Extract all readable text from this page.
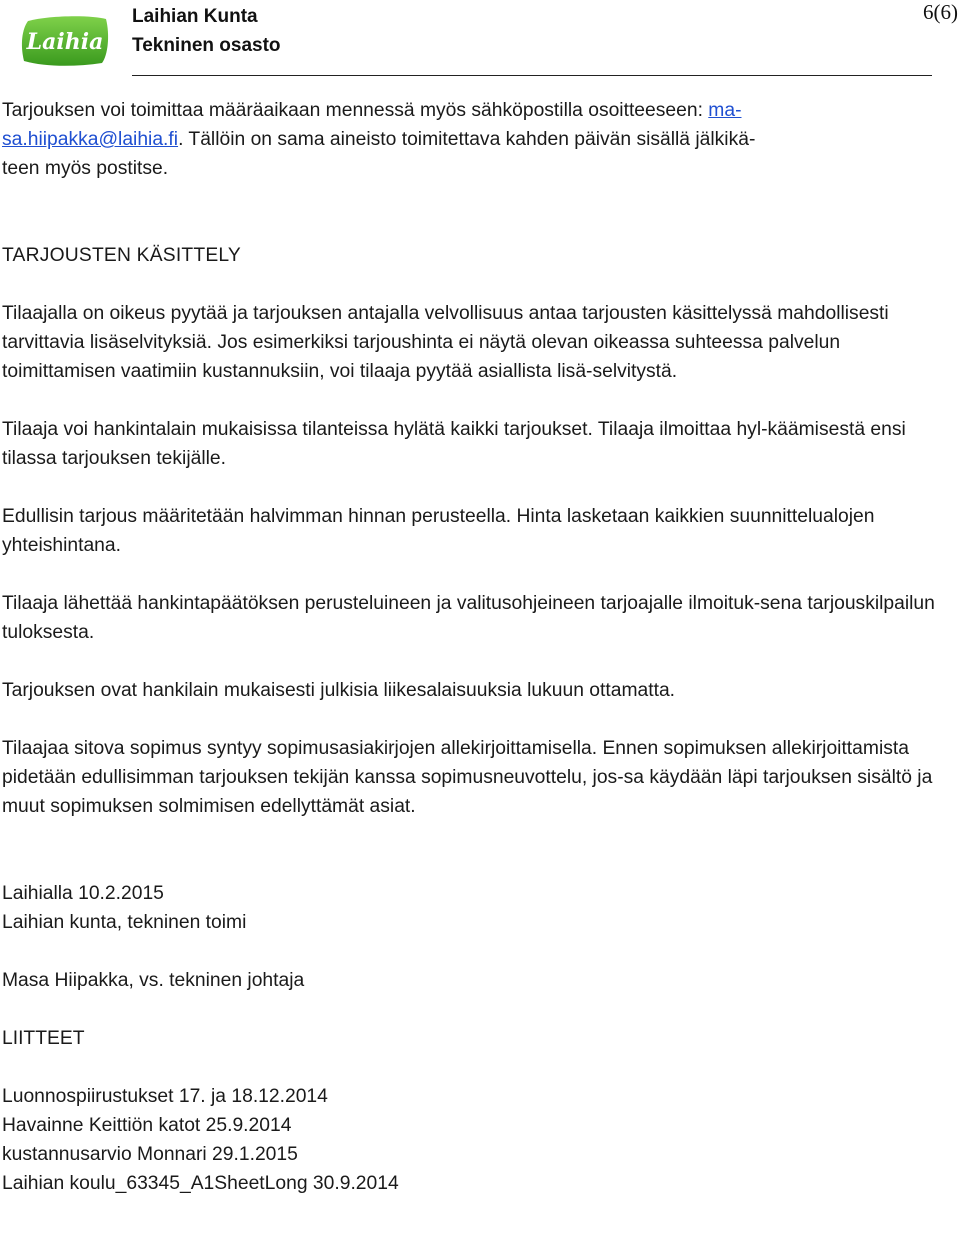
Laihia
Laihian Kunta
Tekninen osasto
6(6)

Tarjouksen voi toimittaa määräaikaan mennessä myös sähköpostilla osoitteeseen: ma-
sa.hiipakka@laihia.fi. Tällöin on sama aineisto toimitettava kahden päivän sisällä jälkikä-
teen myös postitse.

TARJOUSTEN KÄSITTELY

Tilaajalla on oikeus pyytää ja tarjouksen antajalla velvollisuus antaa tarjousten käsittelyssä mahdollisesti tarvittavia lisäselvityksiä. Jos esimerkiksi tarjoushinta ei näytä olevan oikeassa suhteessa palvelun toimittamisen vaatimiin kustannuksiin, voi tilaaja pyytää asiallista lisä-selvitystä.

Tilaaja voi hankintalain mukaisissa tilanteissa hylätä kaikki tarjoukset. Tilaaja ilmoittaa hyl-käämisestä ensi tilassa tarjouksen tekijälle.

Edullisin tarjous määritetään halvimman hinnan perusteella. Hinta lasketaan kaikkien suunnittelualojen yhteishintana.

Tilaaja lähettää hankintapäätöksen perusteluineen ja valitusohjeineen tarjoajalle ilmoituk-sena tarjouskilpailun tuloksesta.

Tarjouksen ovat hankilain mukaisesti julkisia liikesalaisuuksia lukuun ottamatta.

Tilaajaa sitova sopimus syntyy sopimusasiakirjojen allekirjoittamisella. Ennen sopimuksen allekirjoittamista pidetään edullisimman tarjouksen tekijän kanssa sopimusneuvottelu, jos-sa käydään läpi tarjouksen sisältö ja muut sopimuksen solmimisen edellyttämät asiat.

Laihialla 10.2.2015

Laihian kunta, tekninen toimi

Masa Hiipakka, vs. tekninen johtaja

LIITTEET

Luonnospiirustukset 17. ja 18.12.2014

Havainne Keittiön katot 25.9.2014

kustannusarvio Monnari 29.1.2015

Laihian koulu_63345_A1SheetLong 30.9.2014
